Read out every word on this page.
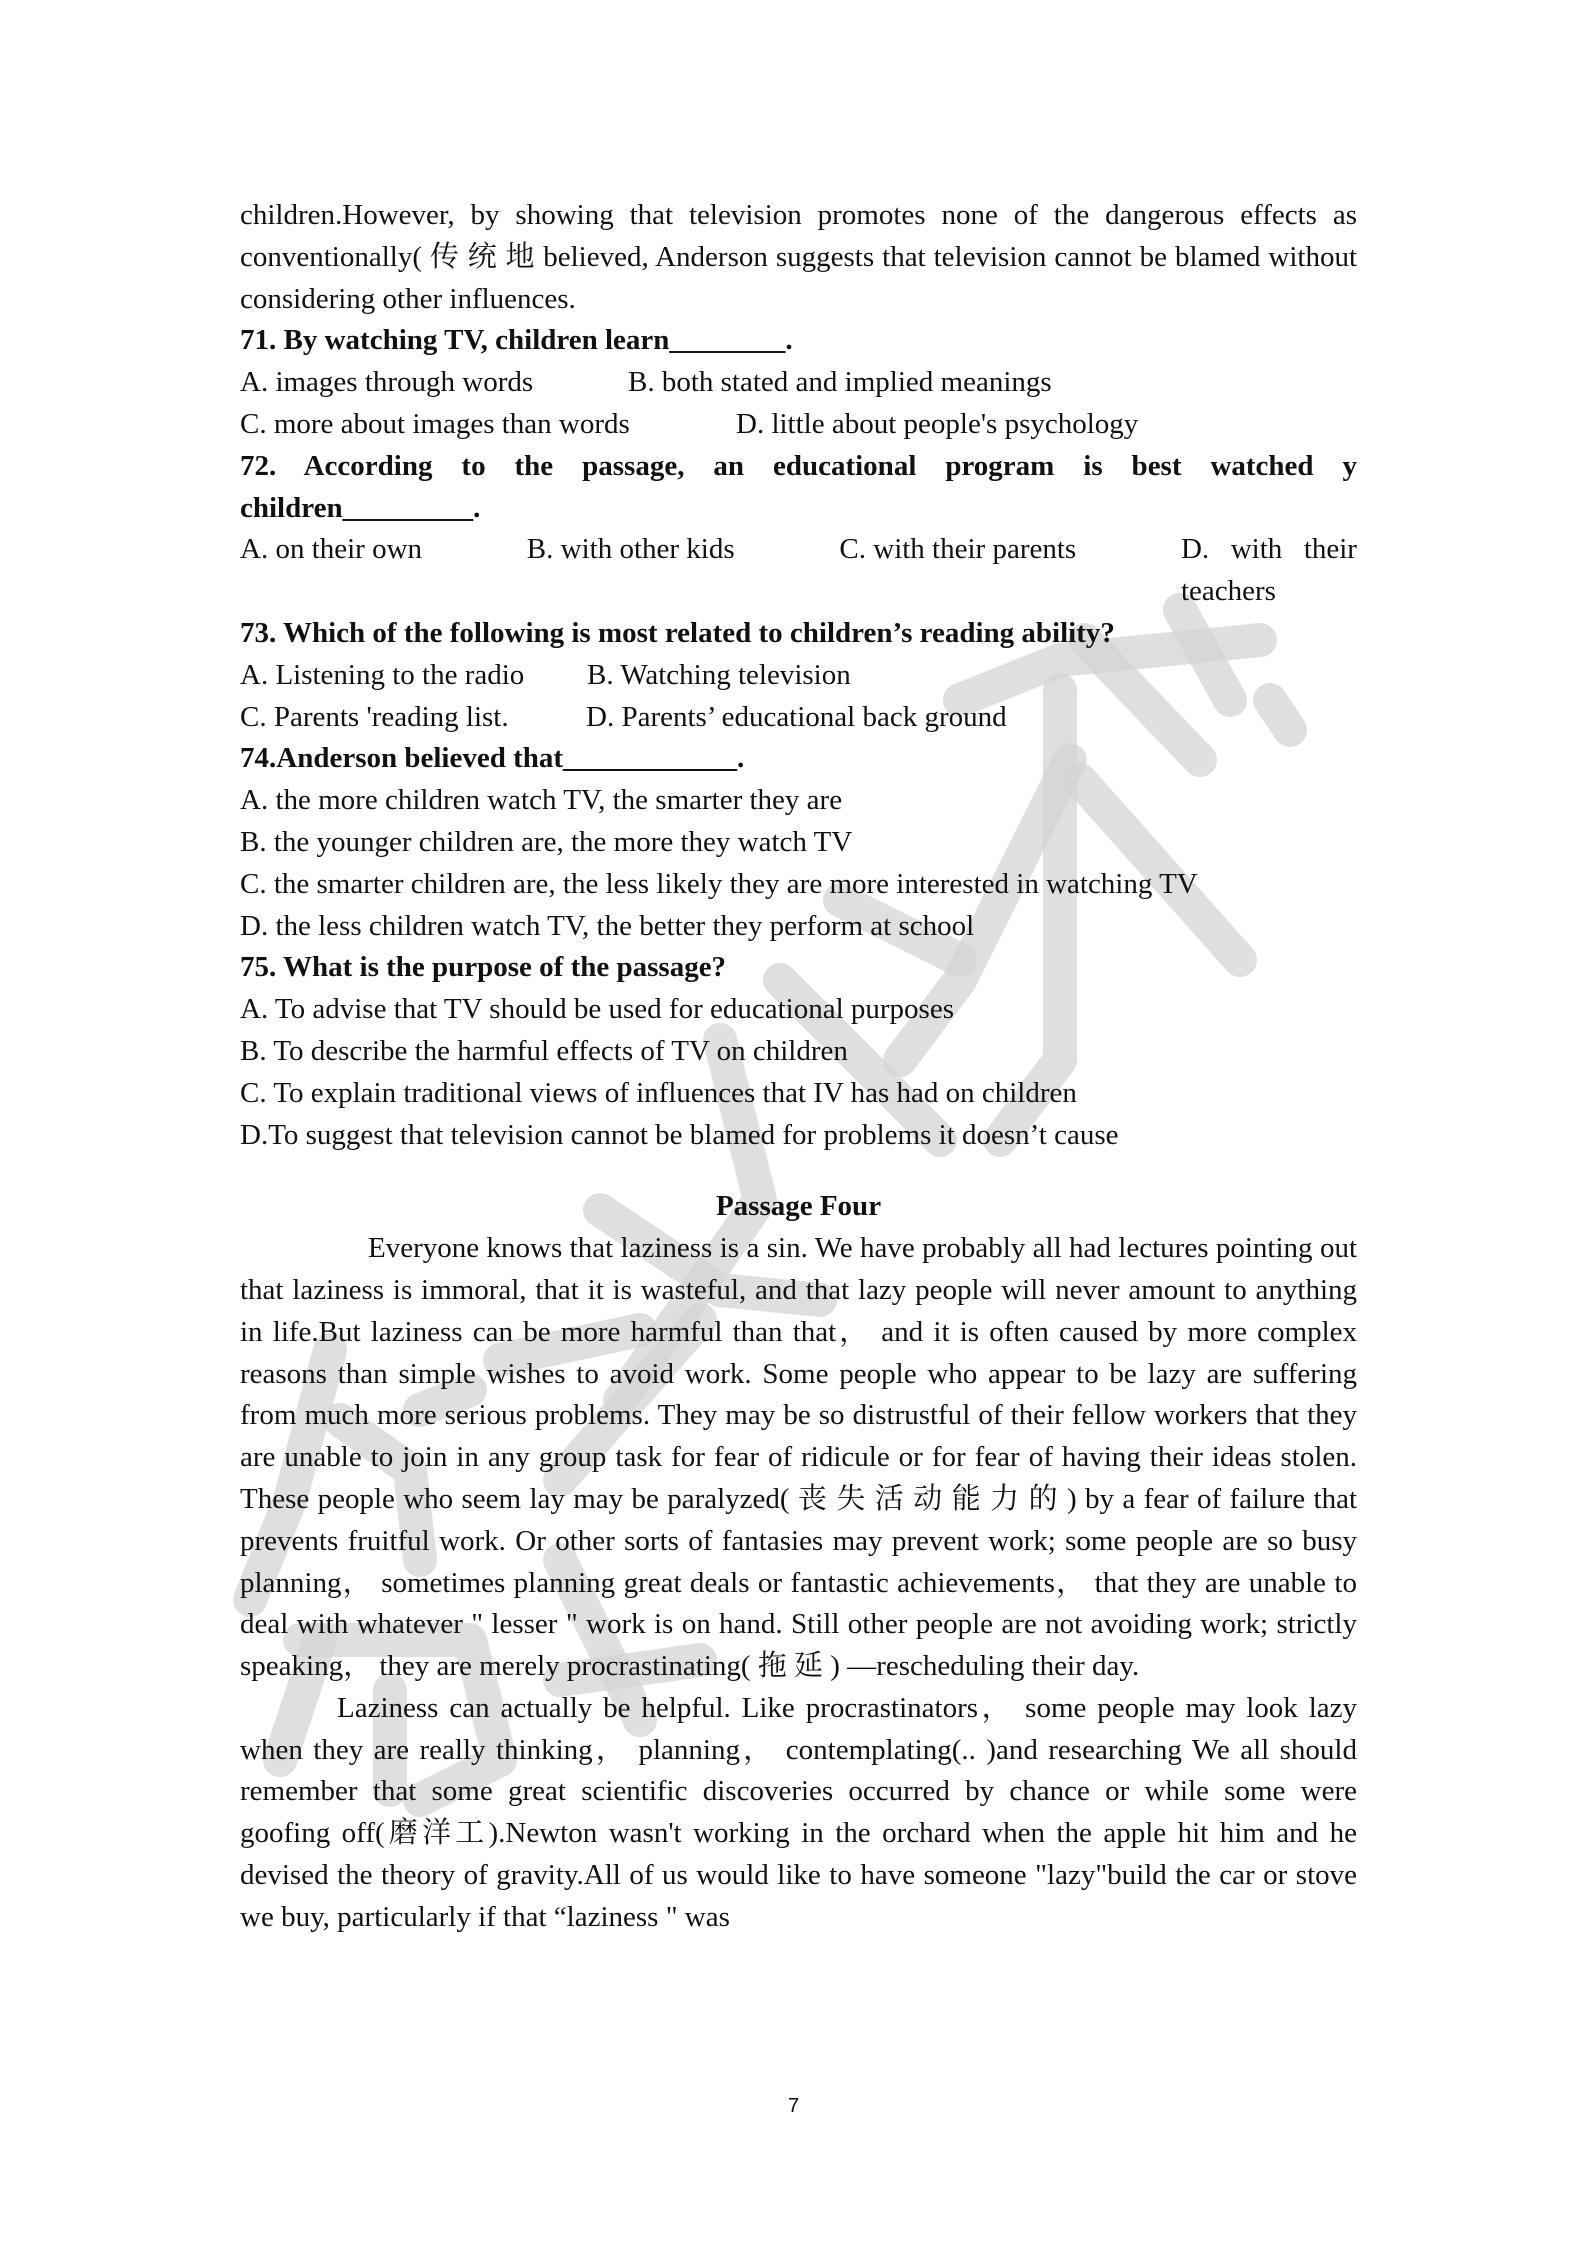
children.However, by showing that television promotes none of the dangerous effects as conventionally( 传 统 地 believed, Anderson suggests that television cannot be blamed without considering other influences.

71. By watching TV, children learn________.

A. images through words	B. both stated and implied meanings
C. more about images than words	D. little about people's psychology

72. According to the passage, an educational program is best watched y children_________.

A. on their own	B. with other kids	C. with their parents	D. with their teachers

73. Which of the following is most related to children’s reading ability?

A. Listening to the radio	B. Watching television
C. Parents 'reading list.	D. Parents’ educational back ground

74.Anderson believed that____________.

A. the more children watch TV, the smarter they are

B. the younger children are, the more they watch TV

C. the smarter children are, the less likely they are more interested in watching TV

D. the less children watch TV, the better they perform at school

75. What is the purpose of the passage?

A. To advise that TV should be used for educational purposes

B. To describe the harmful effects of TV on children

C. To explain traditional views of influences that IV has had on children

D.To suggest that television cannot be blamed for problems it doesn’t cause

Passage Four

Everyone knows that laziness is a sin. We have probably all had lectures pointing out that laziness is immoral, that it is wasteful, and that lazy people will never amount to anything in life.But laziness can be more harmful than that， and it is often caused by more complex reasons than simple wishes to avoid work. Some people who appear to be lazy are suffering from much more serious problems. They may be so distrustful of their fellow workers that they are unable to join in any group task for fear of ridicule or for fear of having their ideas stolen. These people who seem lay may be paralyzed( 丧 失 活 动 能 力 的 ) by a fear of failure that prevents fruitful work. Or other sorts of fantasies may prevent work; some people are so busy planning， sometimes planning great deals or fantastic achievements， that they are unable to deal with whatever " lesser " work is on hand. Still other people are not avoiding work; strictly speaking， they are merely procrastinating( 拖 延 ) —rescheduling their day.

Laziness can actually be helpful. Like procrastinators， some people may look lazy when they are really thinking， planning， contemplating(.. )and researching We all should remember that some great scientific discoveries occurred by chance or while some were goofing off(磨洋工).Newton wasn't working in the orchard when the apple hit him and he devised the theory of gravity.All of us would like to have someone "lazy"build the car or stove we buy, particularly if that “laziness " was

7
